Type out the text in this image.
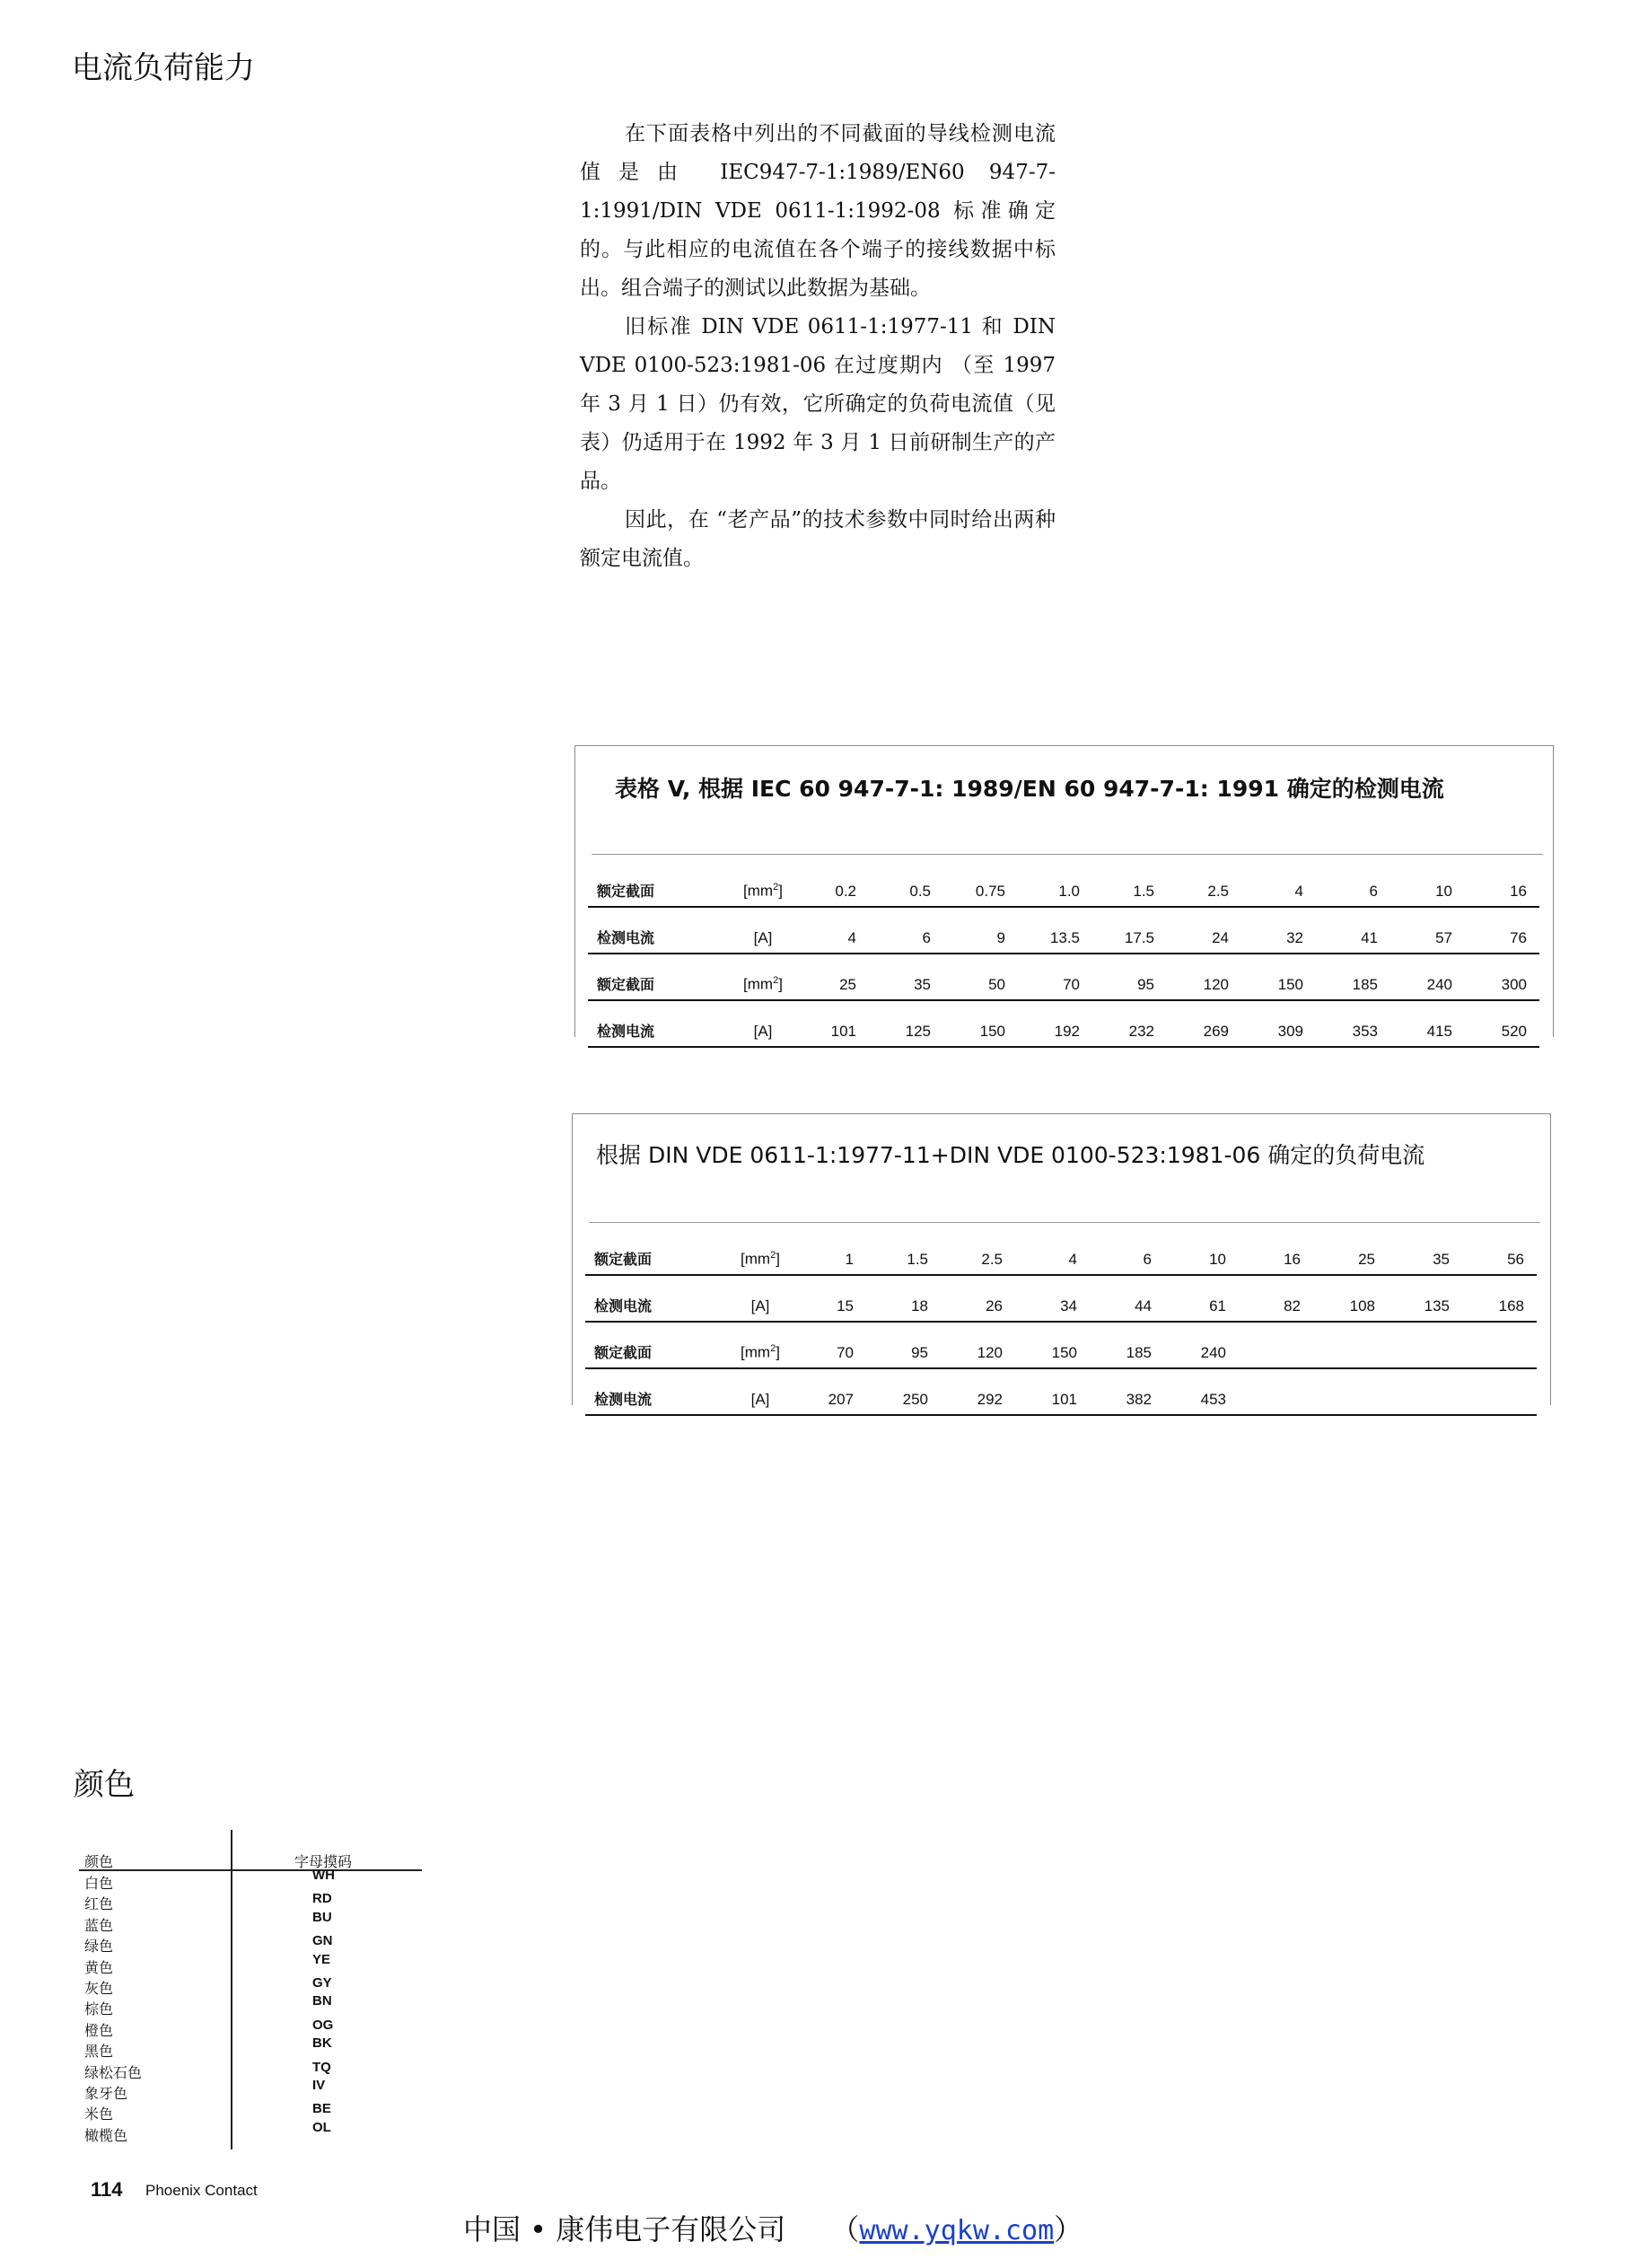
电流负荷能力

在下面表格中列出的不同截面的导线检测电流值是由 IEC947-7-1:1989/EN60 947-7-1:1991/DIN VDE 0611-1:1992-08 标准确定的。与此相应的电流值在各个端子的接线数据中标出。组合端子的测试以此数据为基础。

旧标准 DIN VDE 0611-1:1977-11 和 DIN VDE 0100-523:1981-06 在过度期内 （至 1997 年 3 月 1 日）仍有效，它所确定的负荷电流值（见表）仍适用于在 1992 年 3 月 1 日前研制生产的产品。

因此，在 “老产品”的技术参数中同时给出两种额定电流值。

表格 V, 根据 IEC 60 947-7-1: 1989/EN 60 947-7-1: 1991 确定的检测电流
额定截面	$[mm^2]$	0.2	0.5	0.75	1.0	1.5	2.5	4	6	10	16
检测电流	[A]	4	6	9	13.5	17.5	24	32	41	57	76
额定截面	$[mm^2]$	25	35	50	70	95	120	150	185	240	300
检测电流	[A]	101	125	150	192	232	269	309	353	415	520
根据 DIN VDE 0611-1:1977-11+DIN VDE 0100-523:1981-06 确定的负荷电流
额定截面	$[mm^2]$	1	1.5	2.5	4	6	10	16	25	35	56
检测电流	[A]	15	18	26	34	44	61	82	108	135	168
额定截面	$[mm^2]$	70	95	120	150	185	240				
检测电流	[A]	207	250	292	101	382	453				
颜色
颜色	字母摸码
白色	WH
红色	RD
蓝色	BU
绿色	GN
黄色	YE
灰色	GY
棕色	BN
橙色	OG
黑色	BK
绿松石色	TQ
象牙色	IV
米色	BE
橄榄色	OL
114 Phoenix Contact
中国 • 康伟电子有限公司 （www.yqkw.com）
